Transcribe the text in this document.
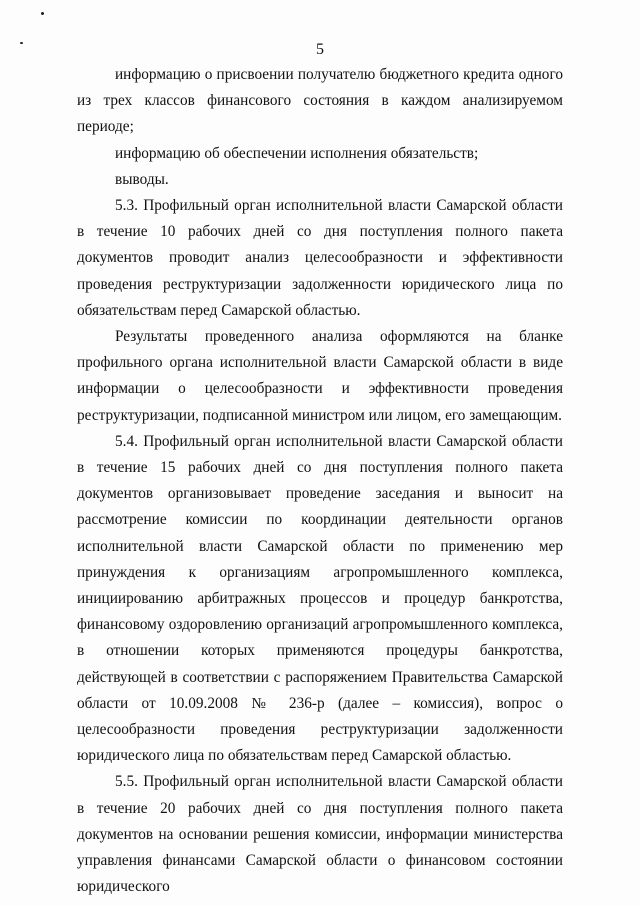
5

информацию о присвоении получателю бюджетного кредита одного из трех классов финансового состояния в каждом анализируемом периоде;

информацию об обеспечении исполнения обязательств;

выводы.

5.3. Профильный орган исполнительной власти Самарской области в течение 10 рабочих дней со дня поступления полного пакета документов проводит анализ целесообразности и эффективности проведения реструктуризации задолженности юридического лица по обязательствам перед Самарской областью.

Результаты проведенного анализа оформляются на бланке профильного органа исполнительной власти Самарской области в виде информации о целесообразности и эффективности проведения реструктуризации, подписанной министром или лицом, его замещающим.

5.4. Профильный орган исполнительной власти Самарской области в течение 15 рабочих дней со дня поступления полного пакета документов организовывает проведение заседания и выносит на рассмотрение комиссии по координации деятельности органов исполнительной власти Самарской области по применению мер принуждения к организациям агропромышленного комплекса, инициированию арбитражных процессов и процедур банкротства, финансовому оздоровлению организаций агропромышленного комплекса, в отношении которых применяются процедуры банкротства, действующей в соответствии с распоряжением Правительства Самарской области от 10.09.2008 № 236-р (далее – комиссия), вопрос о целесообразности проведения реструктуризации задолженности юридического лица по обязательствам перед Самарской областью.

5.5. Профильный орган исполнительной власти Самарской области в течение 20 рабочих дней со дня поступления полного пакета документов на основании решения комиссии, информации министерства управления финансами Самарской области о финансовом состоянии юридического
